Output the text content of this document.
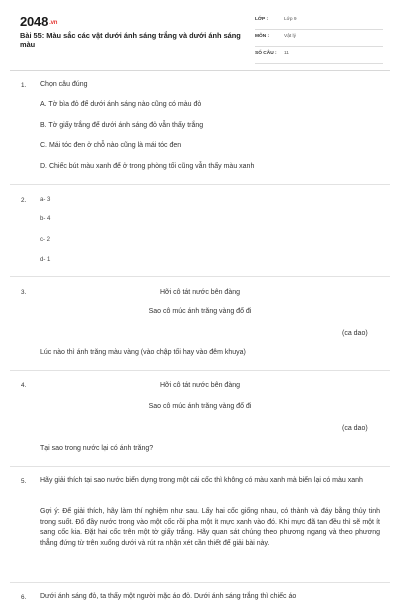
2048.vn
Bài 55: Màu sắc các vật dưới ánh sáng trắng và dưới ánh sáng màu
LỚP :	Lớp 9
MÔN :	Vật lý
SỐ CÂU : 11
1. Chọn câu đúng
A. Tờ bìa đỏ để dưới ánh sáng nào cũng có màu đỏ
B. Tờ giấy trắng để dưới ánh sáng đỏ vẫn thấy trắng
C. Mái tóc đen ở chỗ nào cũng là mái tóc đen
D. Chiếc bút màu xanh để ở trong phòng tối cũng vẫn thấy màu xanh
2. a- 3
b- 4
c- 2
d- 1
3.	Hỡi cô tát nước bên đàng
Sao cô múc ánh trăng vàng đổ đi
(ca dao)
Lúc nào thì ánh trăng màu vàng (vào chập tối hay vào đêm khuya)
4.	Hỡi cô tát nước bên đàng
Sao cô múc ánh trăng vàng đổ đi
(ca dao)
Tại sao trong nước lại có ánh trăng?
5. Hãy giải thích tại sao nước biển dựng trong một cái cốc thì không có màu xanh mà biển lại có màu xanh
Gợi ý: Để giải thích, hãy làm thí nghiệm như sau. Lấy hai cốc giống nhau, có thành và đáy bằng thủy tinh trong suốt. Đổ đầy nước trong vào một cốc rồi pha một ít mực xanh vào đó. Khi mực đã tan đều thì sẽ một ít sang cốc kia. Đặt hai cốc trên một tờ giấy trắng. Hãy quan sát chúng theo phương ngang và theo phương thẳng đứng từ trên xuống dưới và rút ra nhận xét cần thiết để giải bài này.
6. Dưới ánh sáng đỏ, ta thấy một người mặc áo đỏ. Dưới ánh sáng trắng thì chiếc áo
